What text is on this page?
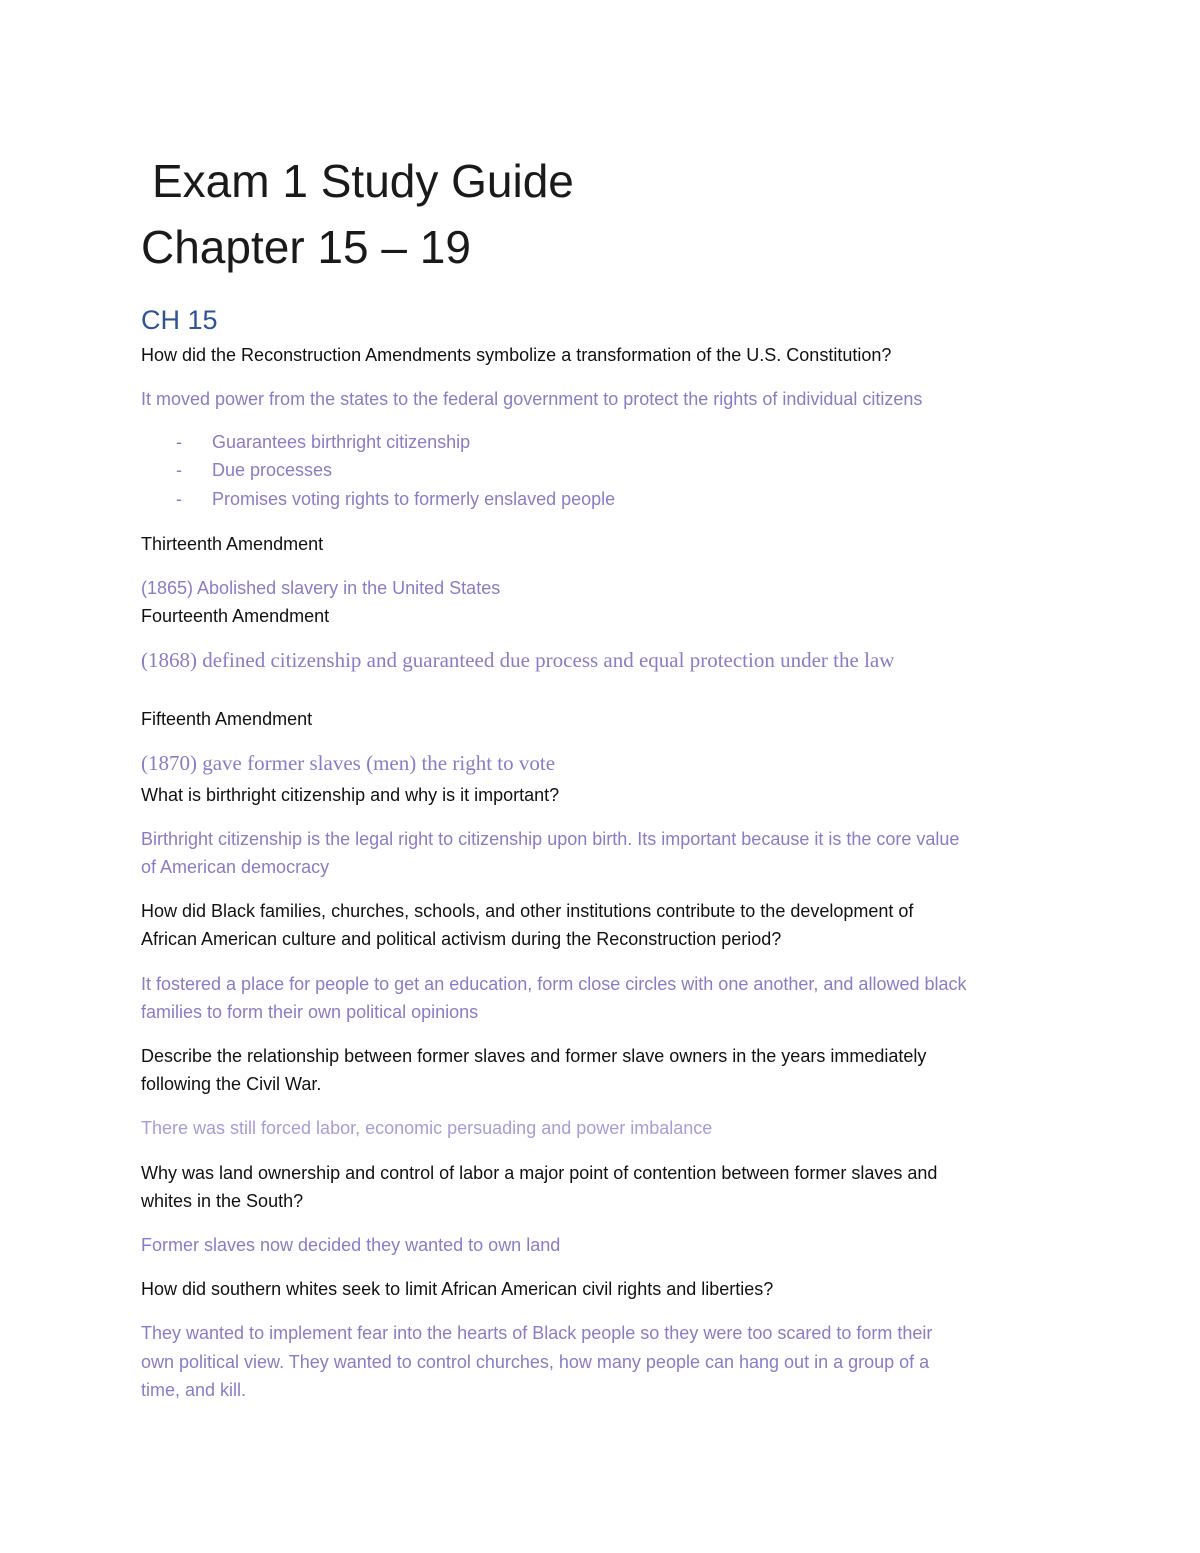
Exam 1 Study Guide
Chapter 15 – 19
CH 15
How did the Reconstruction Amendments symbolize a transformation of the U.S. Constitution?
It moved power from the states to the federal government to protect the rights of individual citizens
- Guarantees birthright citizenship
- Due processes
- Promises voting rights to formerly enslaved people
Thirteenth Amendment
(1865) Abolished slavery in the United States
Fourteenth Amendment
(1868) defined citizenship and guaranteed due process and equal protection under the law
Fifteenth Amendment
(1870) gave former slaves (men) the right to vote
What is birthright citizenship and why is it important?
Birthright citizenship is the legal right to citizenship upon birth. Its important because it is the core value
of American democracy
How did Black families, churches, schools, and other institutions contribute to the development of
African American culture and political activism during the Reconstruction period?
It fostered a place for people to get an education, form close circles with one another, and allowed black
families to form their own political opinions
Describe the relationship between former slaves and former slave owners in the years immediately
following the Civil War.
There was still forced labor, economic persuading and power imbalance
Why was land ownership and control of labor a major point of contention between former slaves and
whites in the South?
Former slaves now decided they wanted to own land
How did southern whites seek to limit African American civil rights and liberties?
They wanted to implement fear into the hearts of Black people so they were too scared to form their
own political view. They wanted to control churches, how many people can hang out in a group of a
time, and kill.
